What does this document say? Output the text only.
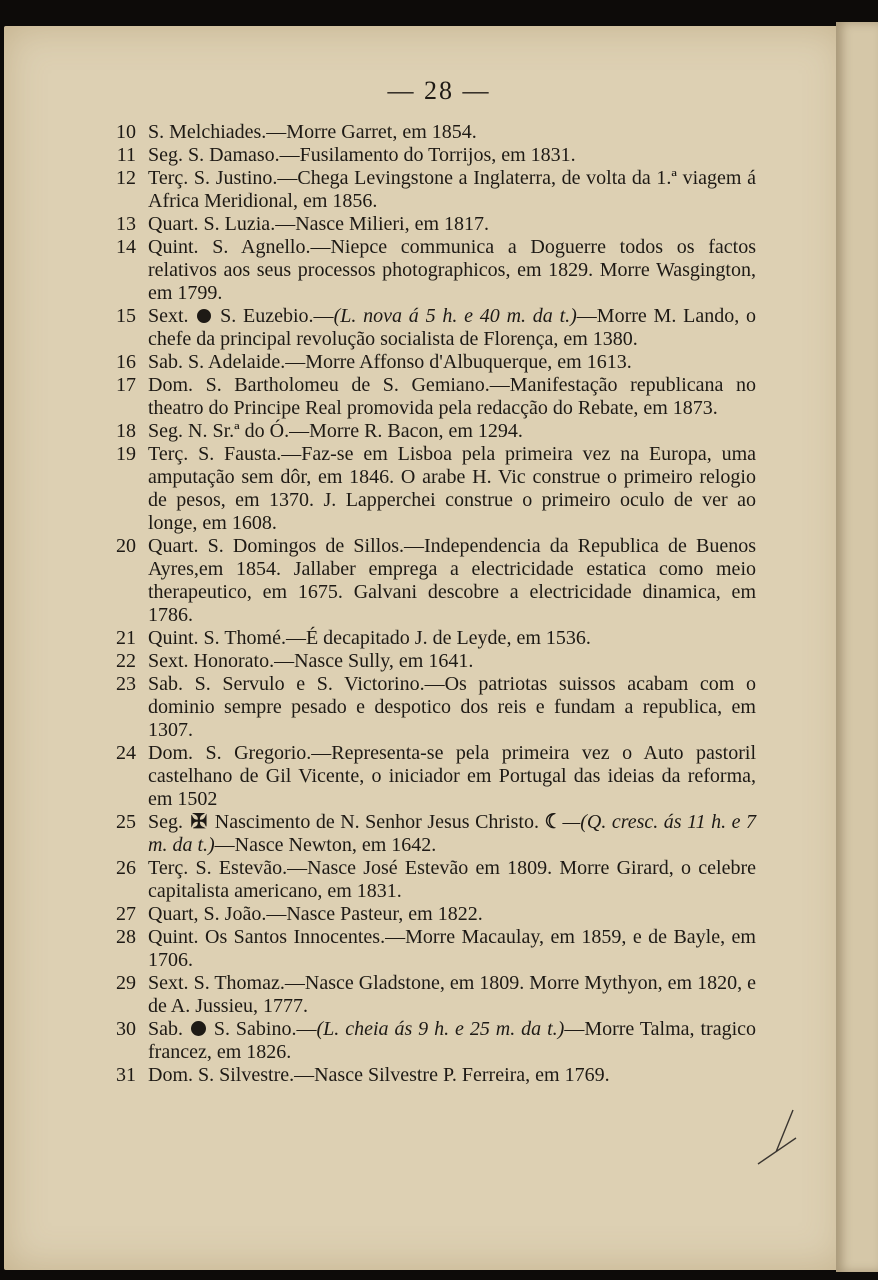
— 28 —
10 S. Melchiades.—Morre Garret, em 1854.
11 Seg. S. Damaso.—Fusilamento do Torrijos, em 1831.
12 Terç. S. Justino.—Chega Levingstone a Inglaterra, de volta da 1.ª viagem á Africa Meridional, em 1856.
13 Quart. S. Luzia.—Nasce Milieri, em 1817.
14 Quint. S. Agnello.—Niepce communica a Doguerre todos os factos relativos aos seus processos photographicos, em 1829. Morre Wasgington, em 1799.
15 Sext. S. Euzebio.—(L. nova á 5 h. e 40 m. da t.)—Morre M. Lando, o chefe da principal revolução socialista de Florença, em 1380.
16 Sab. S. Adelaide.—Morre Affonso d'Albuquerque, em 1613.
17 Dom. S. Bartholomeu de S. Gemiano.—Manifestação republicana no theatro do Principe Real promovida pela redacção do Rebate, em 1873.
18 Seg. N. Sr.ª do Ó.—Morre R. Bacon, em 1294.
19 Terç. S. Fausta.—Faz-se em Lisboa pela primeira vez na Europa, uma amputação sem dôr, em 1846. O arabe H. Vic construe o primeiro relogio de pesos, em 1370. J. Lapperchei construe o primeiro oculo de ver ao longe, em 1608.
20 Quart. S. Domingos de Sillos.—Independencia da Republica de Buenos Ayres,em 1854. Jallaber emprega a electricidade estatica como meio therapeutico, em 1675. Galvani descobre a electricidade dinamica, em 1786.
21 Quint. S. Thomé.—É decapitado J. de Leyde, em 1536.
22 Sext. Honorato.—Nasce Sully, em 1641.
23 Sab. S. Servulo e S. Victorino.—Os patriotas suissos acabam com o dominio sempre pesado e despotico dos reis e fundam a republica, em 1307.
24 Dom. S. Gregorio.—Representa-se pela primeira vez o Auto pastoril castelhano de Gil Vicente, o iniciador em Portugal das ideias da reforma, em 1502
25 Seg. ✠ Nascimento de N. Senhor Jesus Christo. ☾—(Q. cresc. ás 11 h. e 7 m. da t.)—Nasce Newton, em 1642.
26 Terç. S. Estevão.—Nasce José Estevão em 1809. Morre Girard, o celebre capitalista americano, em 1831.
27 Quart, S. João.—Nasce Pasteur, em 1822.
28 Quint. Os Santos Innocentes.—Morre Macaulay, em 1859, e de Bayle, em 1706.
29 Sext. S. Thomaz.—Nasce Gladstone, em 1809. Morre Mythyon, em 1820, e de A. Jussieu, 1777.
30 Sab. S. Sabino.—(L. cheia ás 9 h. e 25 m. da t.)—Morre Talma, tragico francez, em 1826.
31 Dom. S. Silvestre.—Nasce Silvestre P. Ferreira, em 1769.
